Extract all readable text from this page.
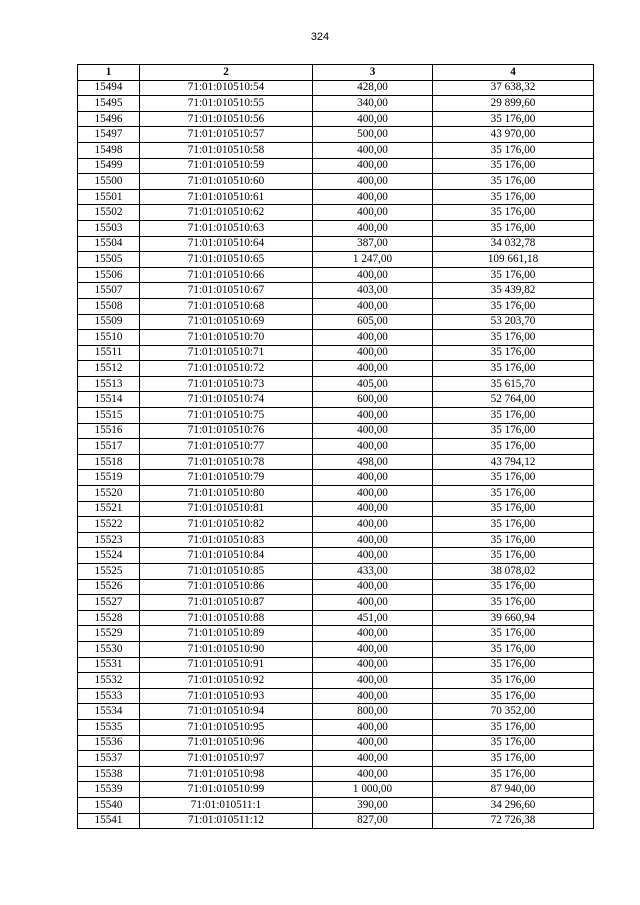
324
1	2	3	4
15494	71:01:010510:54	428,00	37 638,32
15495	71:01:010510:55	340,00	29 899,60
15496	71:01:010510:56	400,00	35 176,00
15497	71:01:010510:57	500,00	43 970,00
15498	71:01:010510:58	400,00	35 176,00
15499	71:01:010510:59	400,00	35 176,00
15500	71:01:010510:60	400,00	35 176,00
15501	71:01:010510:61	400,00	35 176,00
15502	71:01:010510:62	400,00	35 176,00
15503	71:01:010510:63	400,00	35 176,00
15504	71:01:010510:64	387,00	34 032,78
15505	71:01:010510:65	1 247,00	109 661,18
15506	71:01:010510:66	400,00	35 176,00
15507	71:01:010510:67	403,00	35 439,82
15508	71:01:010510:68	400,00	35 176,00
15509	71:01:010510:69	605,00	53 203,70
15510	71:01:010510:70	400,00	35 176,00
15511	71:01:010510:71	400,00	35 176,00
15512	71:01:010510:72	400,00	35 176,00
15513	71:01:010510:73	405,00	35 615,70
15514	71:01:010510:74	600,00	52 764,00
15515	71:01:010510:75	400,00	35 176,00
15516	71:01:010510:76	400,00	35 176,00
15517	71:01:010510:77	400,00	35 176,00
15518	71:01:010510:78	498,00	43 794,12
15519	71:01:010510:79	400,00	35 176,00
15520	71:01:010510:80	400,00	35 176,00
15521	71:01:010510:81	400,00	35 176,00
15522	71:01:010510:82	400,00	35 176,00
15523	71:01:010510:83	400,00	35 176,00
15524	71:01:010510:84	400,00	35 176,00
15525	71:01:010510:85	433,00	38 078,02
15526	71:01:010510:86	400,00	35 176,00
15527	71:01:010510:87	400,00	35 176,00
15528	71:01:010510:88	451,00	39 660,94
15529	71:01:010510:89	400,00	35 176,00
15530	71:01:010510:90	400,00	35 176,00
15531	71:01:010510:91	400,00	35 176,00
15532	71:01:010510:92	400,00	35 176,00
15533	71:01:010510:93	400,00	35 176,00
15534	71:01:010510:94	800,00	70 352,00
15535	71:01:010510:95	400,00	35 176,00
15536	71:01:010510:96	400,00	35 176,00
15537	71:01:010510:97	400,00	35 176,00
15538	71:01:010510:98	400,00	35 176,00
15539	71:01:010510:99	1 000,00	87 940,00
15540	71:01:010511:1	390,00	34 296,60
15541	71:01:010511:12	827,00	72 726,38
